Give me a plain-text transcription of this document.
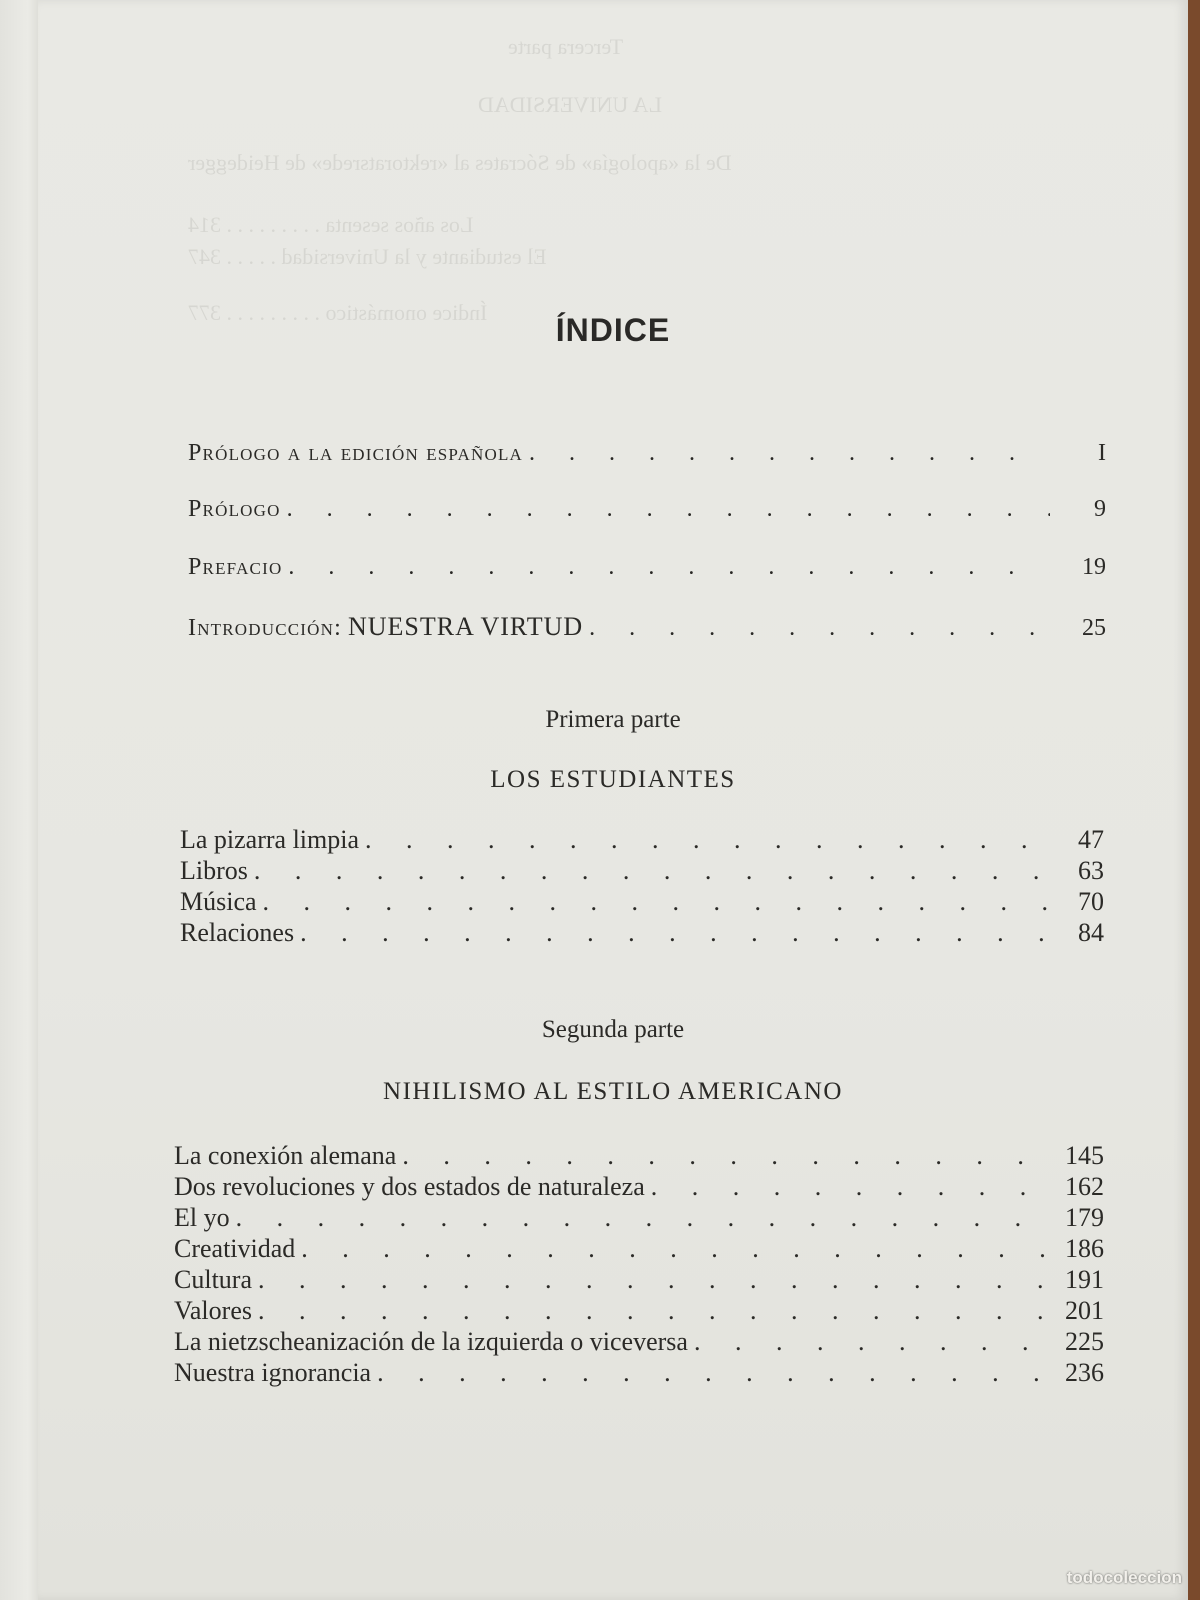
Tercera parte
LA UNIVERSIDAD
De la «apología» de Sócrates al «rektoratsrede» de Heidegger
Los años sesenta . . . . . . . . . 314
El estudiante y la Universidad . . . . . 347
Índice onomástico . . . . . . . . . 377	ÍNDICE
Prólogo a la edición española . . .	I
Prólogo . . .	9
Prefacio . . .	19
Introducción: NUESTRA VIRTUD . . .	25
Primera parte
LOS ESTUDIANTES
La pizarra limpia . . .	47
Libros . . .	63
Música . . .	70
Relaciones . . .	84
Segunda parte
NIHILISMO AL ESTILO AMERICANO
La conexión alemana . . .	145
Dos revoluciones y dos estados de naturaleza . . .	162
El yo . . .	179
Creatividad . . .	186
Cultura . . .	191
Valores . . .	201
La nietzscheanización de la izquierda o viceversa . . .	225
Nuestra ignorancia . . .	236
todocoleccion
